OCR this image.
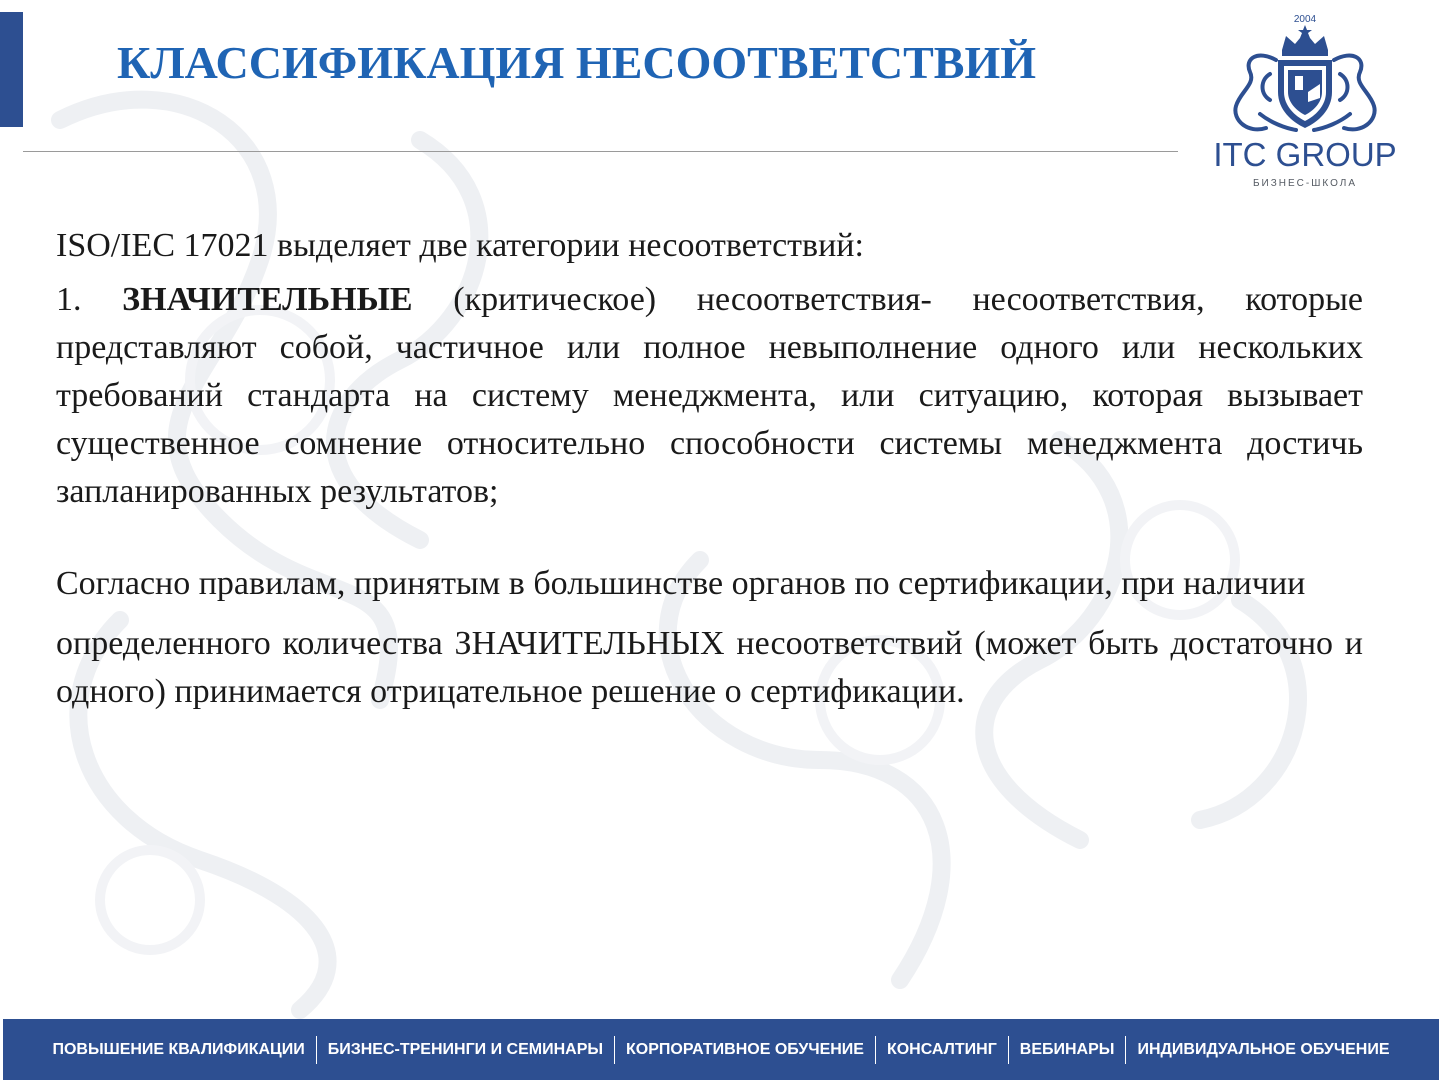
КЛАССИФИКАЦИЯ НЕСООТВЕТСТВИЙ
2004
ITC GROUP
БИЗНЕС-ШКОЛА

ISO/IEC 17021 выделяет две категории несоответствий:

1. ЗНАЧИТЕЛЬНЫЕ (критическое) несоответствия- несоответствия, которые представляют собой, частичное или полное невыполнение одного или нескольких требований стандарта на систему менеджмента, или ситуацию, которая вызывает существенное сомнение относительно способности системы менеджмента достичь запланированных результатов;

Согласно правилам, принятым в большинстве органов по сертификации, при наличии

определенного количества ЗНАЧИТЕЛЬНЫХ несоответствий (может быть достаточно и одного) принимается отрицательное решение о сертификации.

ПОВЫШЕНИЕ КВАЛИФИКАЦИИ	БИЗНЕС-ТРЕНИНГИ И СЕМИНАРЫ	КОРПОРАТИВНОЕ ОБУЧЕНИЕ	КОНСАЛТИНГ	ВЕБИНАРЫ	ИНДИВИДУАЛЬНОЕ ОБУЧЕНИЕ
